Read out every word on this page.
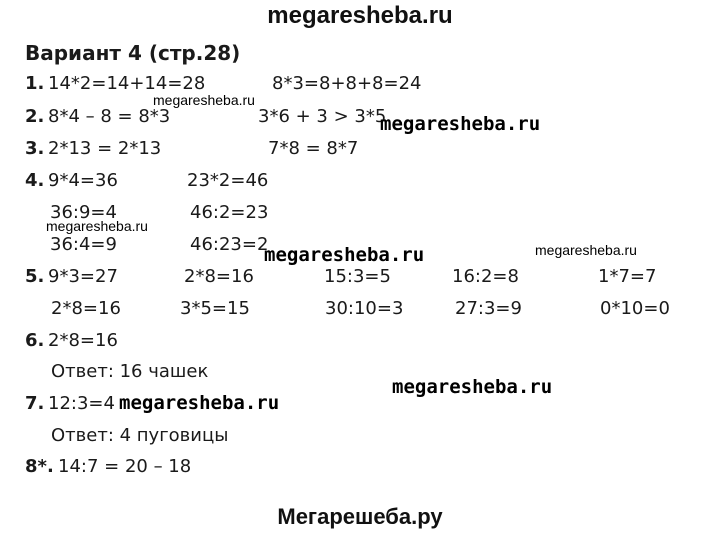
megaresheba.ru
Вариант 4 (стр.28)
1. 14*2=14+14=28	8*3=8+8+8=24
2. 8*4 – 8 = 8*3	3*6 + 3 > 3*5
3. 2*13 = 2*13	7*8 = 8*7
4. 9*4=36	23*2=46
36:9=4	46:2=23
36:4=9	46:23=2
5. 9*3=27	2*8=16	15:3=5	16:2=8	1*7=7
2*8=16	3*5=15	30:10=3	27:3=9	0*10=0
6. 2*8=16
Ответ: 16 чашек
7. 12:3=4
Ответ: 4 пуговицы
8*. 14:7 = 20 – 18
megaresheba.ru
megaresheba.ru
megaresheba.ru
megaresheba.ru	megaresheba.ru
megaresheba.ru
megaresheba.ru
Мегарешеба.ру
